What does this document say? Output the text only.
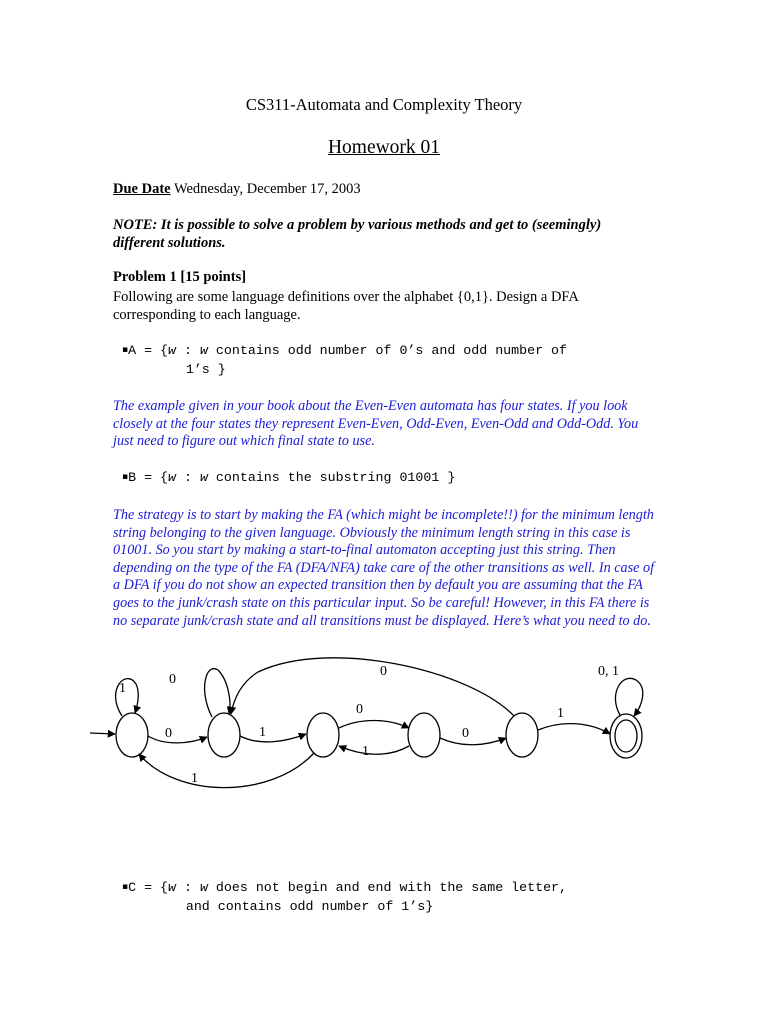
CS311-Automata and Complexity Theory

Homework 01

Due Date Wednesday, December 17, 2003

NOTE: It is possible to solve a problem by various methods and get to (seemingly) different solutions.

Problem 1 [15 points]

Following are some language definitions over the alphabet {0,1}. Design a DFA corresponding to each language.

▪A = {w : w contains odd number of 0’s and odd number of
1’s }

The example given in your book about the Even-Even automata has four states. If you look closely at the four states they represent Even-Even, Odd-Even, Even-Odd and Odd-Odd. You just need to figure out which final state to use.

▪B = {w : w contains the substring 01001 }

The strategy is to start by making the FA (which might be incomplete!!) for the minimum length string belonging to the given language. Obviously the minimum length string in this case is 01001. So you start by making a start-to-final automaton accepting just this string. Then depending on the type of the FA (DFA/NFA) take care of the other transitions as well. In case of a DFA if you do not show an expected transition then by default you are assuming that the FA goes to the junk/crash state on this particular input. So be careful! However, in this FA there is no separate junk/crash state and all transitions must be displayed. Here’s what you need to do.

1
0
0
1
0
1
0
0
1
1
0, 1
▪C = {w : w does not begin and end with the same letter,
and contains odd number of 1’s}
